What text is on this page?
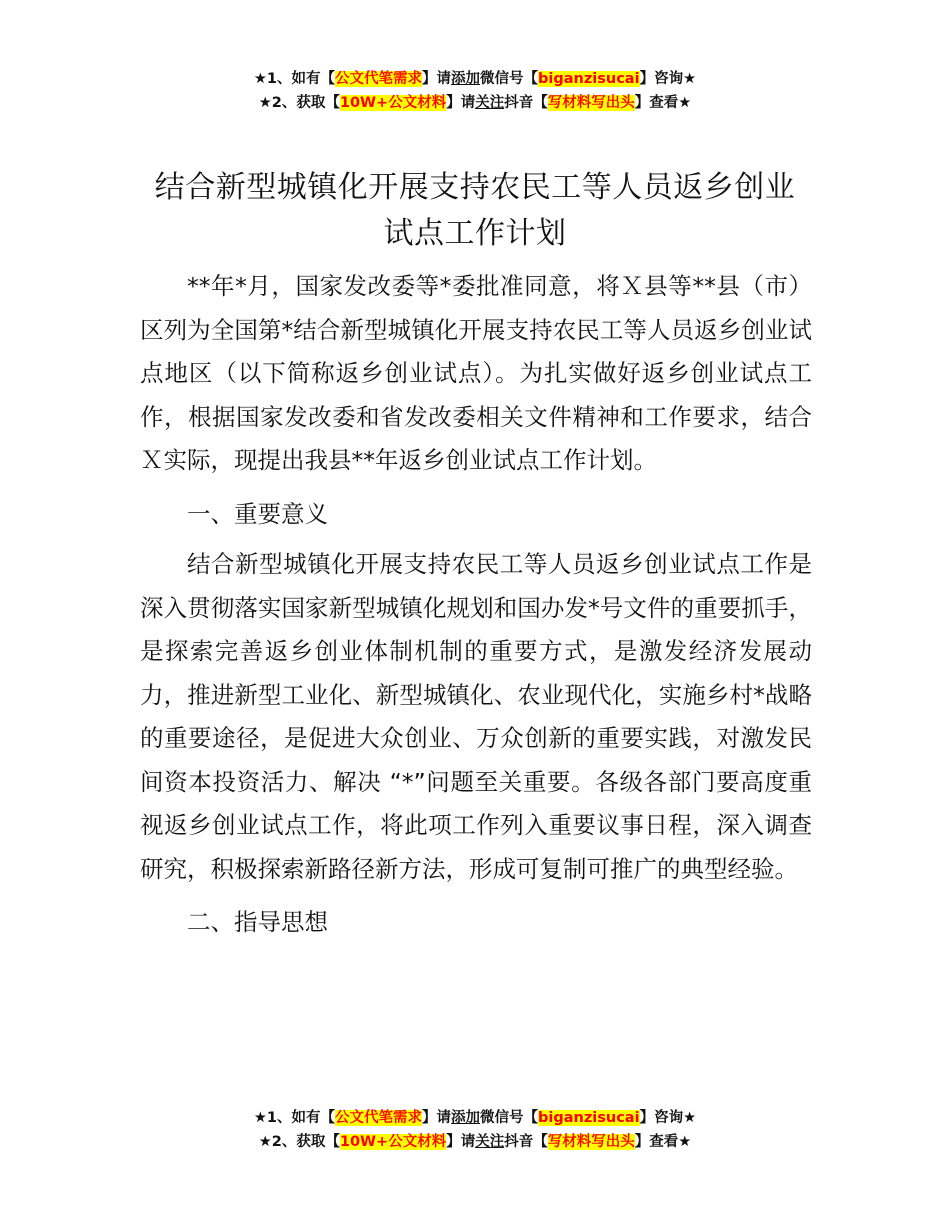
★1、如有【公文代笔需求】请添加微信号【biganzisucai】咨询★
★2、获取【10W+公文材料】请关注抖音【写材料写出头】查看★
结合新型城镇化开展支持农民工等人员返乡创业试点工作计划

**年*月，国家发改委等*委批准同意，将Ｘ县等**县（市）区列为全国第*结合新型城镇化开展支持农民工等人员返乡创业试点地区（以下简称返乡创业试点）。为扎实做好返乡创业试点工作，根据国家发改委和省发改委相关文件精神和工作要求，结合Ｘ实际，现提出我县**年返乡创业试点工作计划。

一、重要意义

结合新型城镇化开展支持农民工等人员返乡创业试点工作是深入贯彻落实国家新型城镇化规划和国办发*号文件的重要抓手，是探索完善返乡创业体制机制的重要方式，是激发经济发展动力，推进新型工业化、新型城镇化、农业现代化，实施乡村*战略的重要途径，是促进大众创业、万众创新的重要实践，对激发民间资本投资活力、解决 “*”问题至关重要。各级各部门要高度重视返乡创业试点工作，将此项工作列入重要议事日程，深入调查研究，积极探索新路径新方法，形成可复制可推广的典型经验。

二、指导思想

★1、如有【公文代笔需求】请添加微信号【biganzisucai】咨询★
★2、获取【10W+公文材料】请关注抖音【写材料写出头】查看★
